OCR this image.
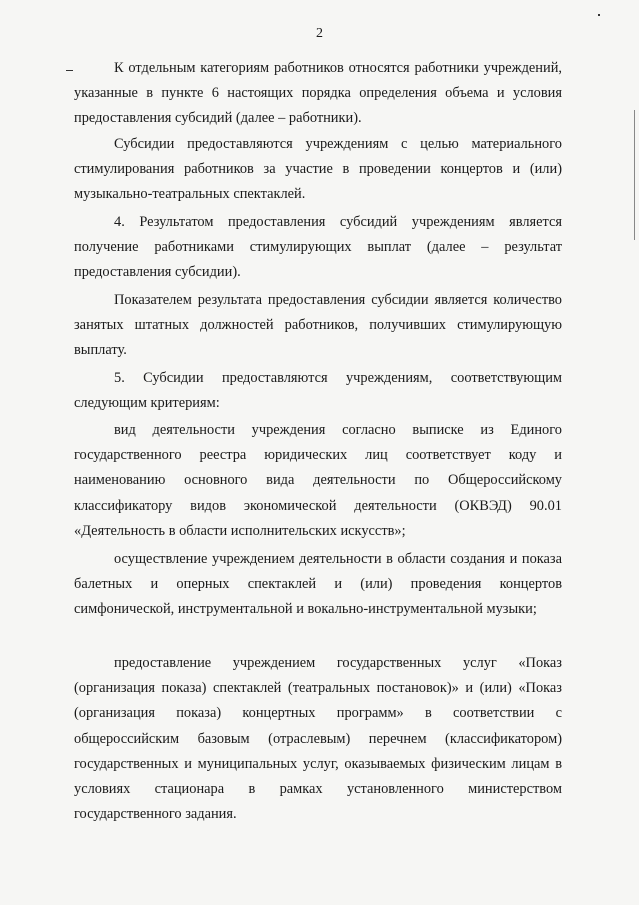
2
К отдельным категориям работников относятся работники учреждений, указанные в пункте 6 настоящих порядка определения объема и условия предоставления субсидий (далее – работники).
Субсидии предоставляются учреждениям с целью материального стимулирования работников за участие в проведении концертов и (или) музыкально-театральных спектаклей.
4. Результатом предоставления субсидий учреждениям является получение работниками стимулирующих выплат (далее – результат предоставления субсидии).
Показателем результата предоставления субсидии является количество занятых штатных должностей работников, получивших стимулирующую выплату.
5. Субсидии предоставляются учреждениям, соответствующим следующим критериям:
вид деятельности учреждения согласно выписке из Единого государственного реестра юридических лиц соответствует коду и наименованию основного вида деятельности по Общероссийскому классификатору видов экономической деятельности (ОКВЭД) 90.01 «Деятельность в области исполнительских искусств»;
осуществление учреждением деятельности в области создания и показа балетных и оперных спектаклей и (или) проведения концертов симфонической, инструментальной и вокально-инструментальной музыки;
предоставление учреждением государственных услуг «Показ (организация показа) спектаклей (театральных постановок)» и (или) «Показ (организация показа) концертных программ» в соответствии с общероссийским базовым (отраслевым) перечнем (классификатором) государственных и муниципальных услуг, оказываемых физическим лицам в условиях стационара в рамках установленного министерством государственного задания.
